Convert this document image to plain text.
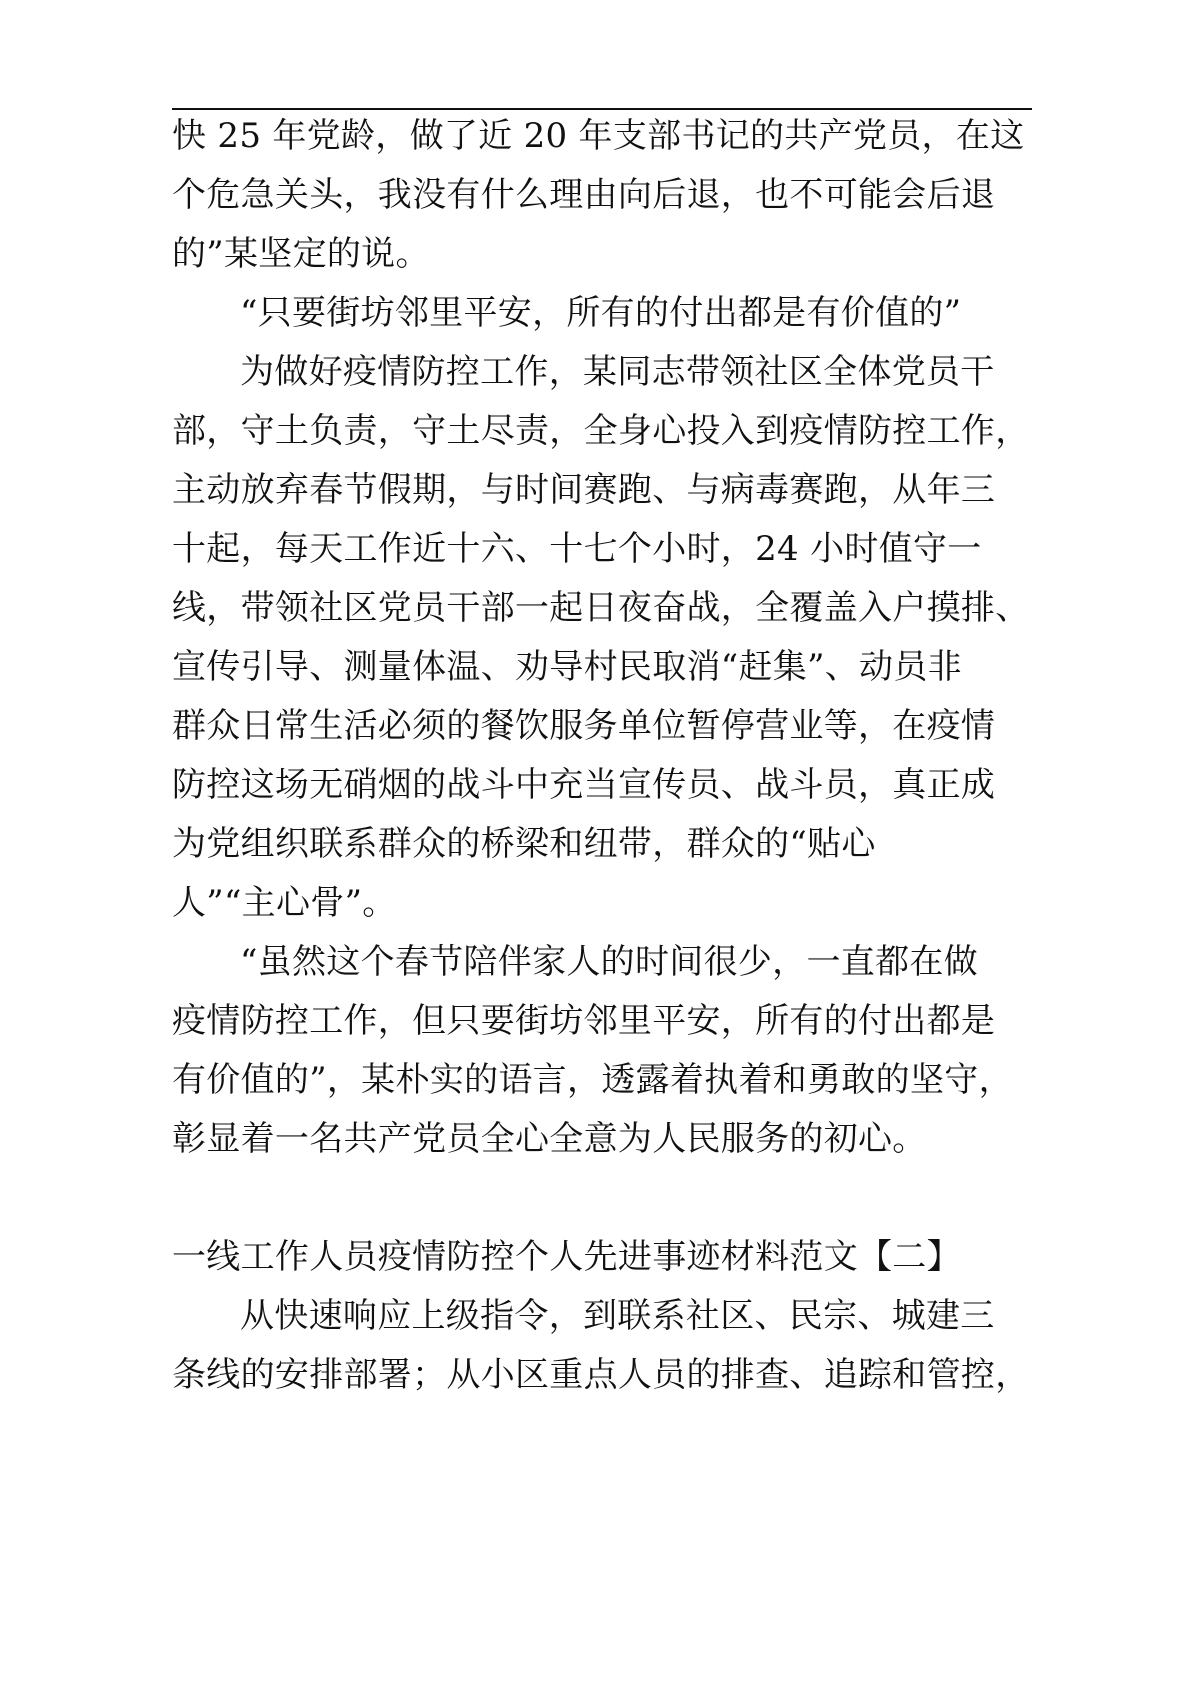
快 25 年党龄，做了近 20 年支部书记的共产党员，在这
个危急关头，我没有什么理由向后退，也不可能会后退
的”某坚定的说。
“只要街坊邻里平安，所有的付出都是有价值的”
为做好疫情防控工作，某同志带领社区全体党员干
部，守土负责，守土尽责，全身心投入到疫情防控工作，
主动放弃春节假期，与时间赛跑、与病毒赛跑，从年三
十起，每天工作近十六、十七个小时，24 小时值守一
线，带领社区党员干部一起日夜奋战，全覆盖入户摸排、
宣传引导、测量体温、劝导村民取消“赶集”、动员非
群众日常生活必须的餐饮服务单位暂停营业等，在疫情
防控这场无硝烟的战斗中充当宣传员、战斗员，真正成
为党组织联系群众的桥梁和纽带，群众的“贴心
人”“主心骨”。
“虽然这个春节陪伴家人的时间很少，一直都在做
疫情防控工作，但只要街坊邻里平安，所有的付出都是
有价值的”，某朴实的语言，透露着执着和勇敢的坚守，
彰显着一名共产党员全心全意为人民服务的初心。
一线工作人员疫情防控个人先进事迹材料范文【二】
从快速响应上级指令，到联系社区、民宗、城建三
条线的安排部署；从小区重点人员的排查、追踪和管控，
